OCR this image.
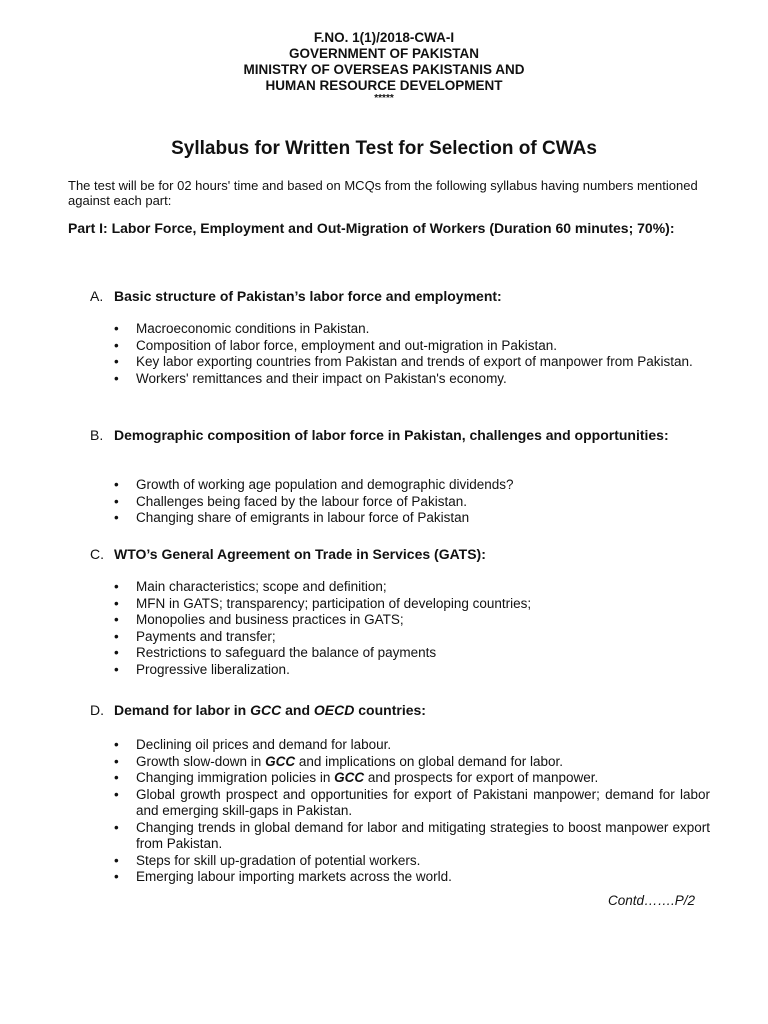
F.NO. 1(1)/2018-CWA-I
GOVERNMENT OF PAKISTAN
MINISTRY OF OVERSEAS PAKISTANIS AND
HUMAN RESOURCE DEVELOPMENT
*****
Syllabus for Written Test for Selection of CWAs
The test will be for 02 hours' time and based on MCQs from the following syllabus having numbers mentioned against each part:
Part I: Labor Force, Employment and Out-Migration of Workers (Duration 60 minutes; 70%):
A. Basic structure of Pakistan’s labor force and employment:
• Macroeconomic conditions in Pakistan.
• Composition of labor force, employment and out-migration in Pakistan.
• Key labor exporting countries from Pakistan and trends of export of manpower from Pakistan.
• Workers' remittances and their impact on Pakistan's economy.
B. Demographic composition of labor force in Pakistan, challenges and opportunities:
• Growth of working age population and demographic dividends?
• Challenges being faced by the labour force of Pakistan.
• Changing share of emigrants in labour force of Pakistan
C. WTO’s General Agreement on Trade in Services (GATS):
• Main characteristics; scope and definition;
• MFN in GATS; transparency; participation of developing countries;
• Monopolies and business practices in GATS;
• Payments and transfer;
• Restrictions to safeguard the balance of payments
• Progressive liberalization.
D. Demand for labor in GCC and OECD countries:
• Declining oil prices and demand for labour.
• Growth slow-down in GCC and implications on global demand for labor.
• Changing immigration policies in GCC and prospects for export of manpower.
• Global growth prospect and opportunities for export of Pakistani manpower; demand for labor and emerging skill-gaps in Pakistan.
• Changing trends in global demand for labor and mitigating strategies to boost manpower export from Pakistan.
• Steps for skill up-gradation of potential workers.
• Emerging labour importing markets across the world.
Contd…….P/2
